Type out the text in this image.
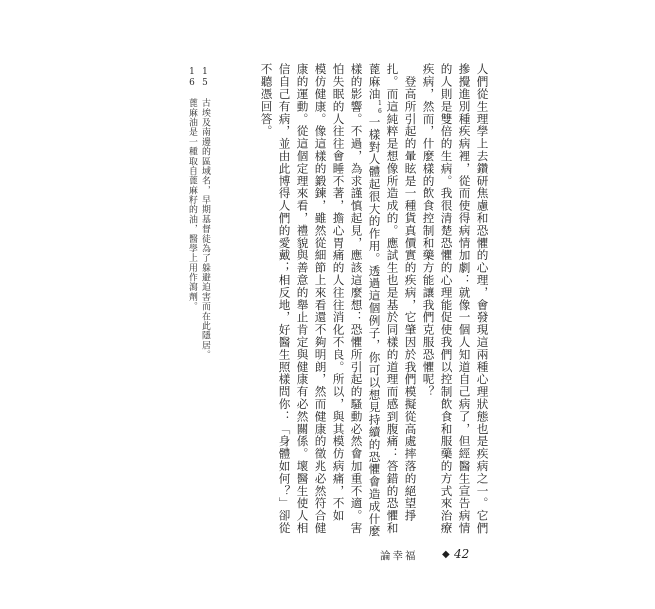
人們從生理學上去鑽研焦慮和恐懼的心理，會發現這兩種心理狀態也是疾病之一。它們
摻攪進別種疾病裡，從而使得病情加劇：就像一個人知道自己病了，但經醫生宣告病情
的人則是雙倍的生病。我很清楚恐懼的心理能促使我們以控制飲食和服藥的方式來治療
疾病，然而，什麼樣的飲食控制和藥方能讓我們克服恐懼呢？
　登高所引起的暈眩是一種貨真價實的疾病，它肇因於我們模擬從高處摔落的絕望掙
扎。而這純粹是想像所造成的。應試生也是基於同樣的道理而感到腹痛：答錯的恐懼和
蓖麻油$^{16}$一樣對人體起很大的作用。透過這個例子，你可以想見持續的恐懼會造成什麼
樣的影響。不過，為求謹慎起見，應該這麼想：恐懼所引起的騷動必然會加重不適。害
怕失眠的人往往會睡不著，擔心胃痛的人往往消化不良。所以，與其模仿病痛，不如
模仿健康。像這樣的鍛鍊，雖然從細節上來看還不夠明朗，然而健康的徵兆必然符合健
康的運動。從這個定理來看，禮貌與善意的舉止肯定與健康有必然關係。壞醫生使人相
信自己有病，並由此博得人們的愛戴；相反地，好醫生照樣問你：「身體如何？」卻從
不聽憑回答。
15　古埃及南邊的區域名，早期基督徒為了躲避迫害而在此隱居。
16　蓖麻油是一種取自蓖麻籽的油，醫學上用作瀉劑。
論幸福 ◆ 42
